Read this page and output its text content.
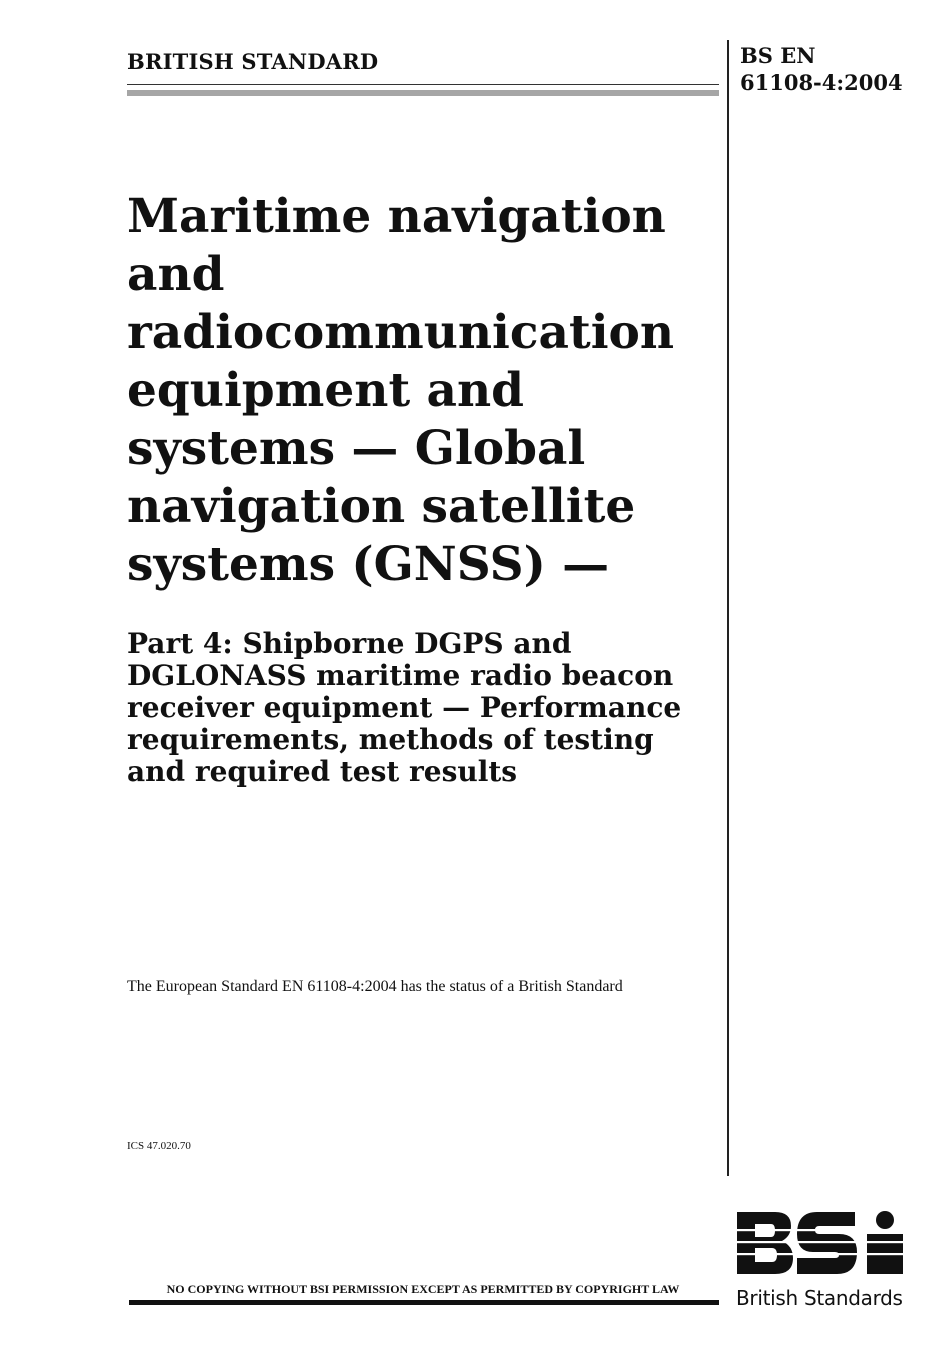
BRITISH STANDARD	BS EN
61108-4:2004
Maritime navigation and radiocommunication equipment and systems — Global navigation satellite systems (GNSS) —
Part 4: Shipborne DGPS and DGLONASS maritime radio beacon receiver equipment — Performance requirements, methods of testing and required test results
The European Standard EN 61108-4:2004 has the status of a British Standard
ICS 47.020.70
NO COPYING WITHOUT BSI PERMISSION EXCEPT AS PERMITTED BY COPYRIGHT LAW	British Standards
